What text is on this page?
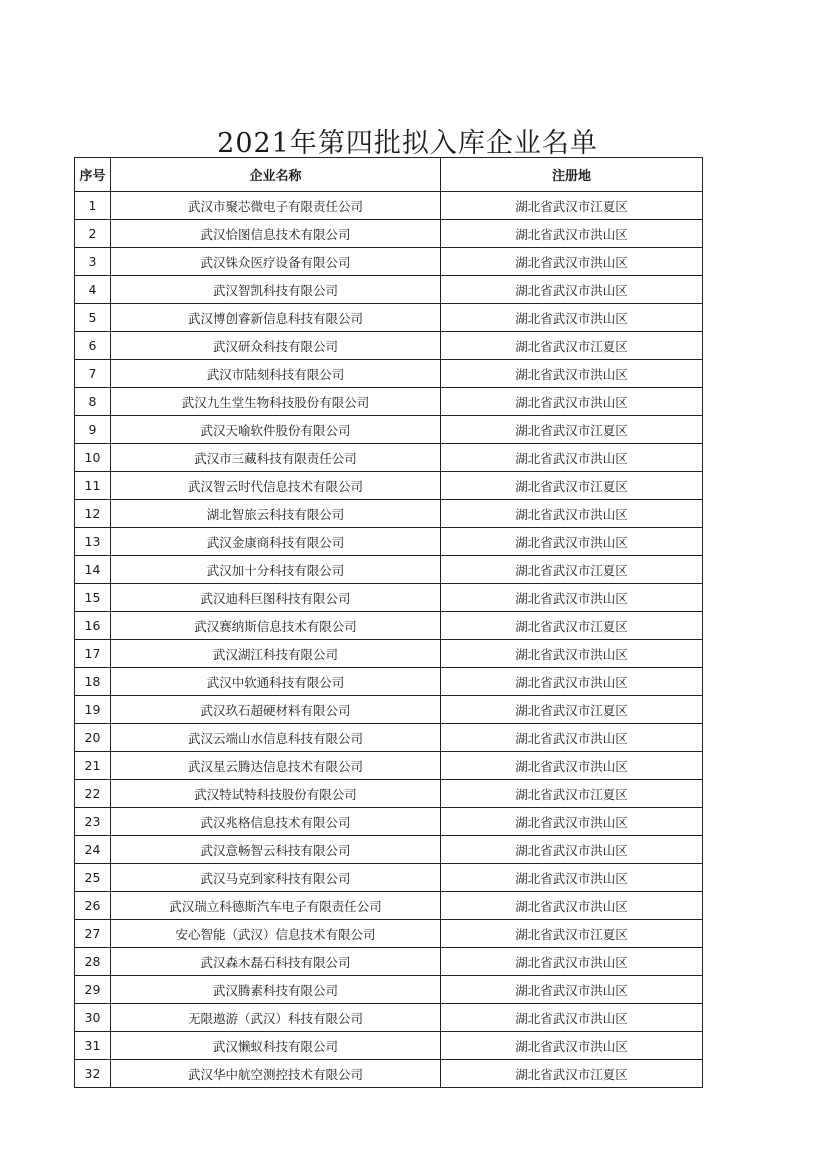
2021年第四批拟入库企业名单
序号	企业名称	注册地
1	武汉市聚芯微电子有限责任公司	湖北省武汉市江夏区
2	武汉恰图信息技术有限公司	湖北省武汉市洪山区
3	武汉铢众医疗设备有限公司	湖北省武汉市洪山区
4	武汉智凯科技有限公司	湖北省武汉市洪山区
5	武汉博创睿新信息科技有限公司	湖北省武汉市洪山区
6	武汉研众科技有限公司	湖北省武汉市江夏区
7	武汉市陆刻科技有限公司	湖北省武汉市洪山区
8	武汉九生堂生物科技股份有限公司	湖北省武汉市洪山区
9	武汉天喻软件股份有限公司	湖北省武汉市江夏区
10	武汉市三藏科技有限责任公司	湖北省武汉市洪山区
11	武汉智云时代信息技术有限公司	湖北省武汉市江夏区
12	湖北智旅云科技有限公司	湖北省武汉市洪山区
13	武汉金康商科技有限公司	湖北省武汉市洪山区
14	武汉加十分科技有限公司	湖北省武汉市江夏区
15	武汉迪科巨图科技有限公司	湖北省武汉市洪山区
16	武汉赛纳斯信息技术有限公司	湖北省武汉市江夏区
17	武汉湖江科技有限公司	湖北省武汉市洪山区
18	武汉中软通科技有限公司	湖北省武汉市洪山区
19	武汉玖石超硬材料有限公司	湖北省武汉市江夏区
20	武汉云端山水信息科技有限公司	湖北省武汉市洪山区
21	武汉星云腾达信息技术有限公司	湖北省武汉市洪山区
22	武汉特试特科技股份有限公司	湖北省武汉市江夏区
23	武汉兆格信息技术有限公司	湖北省武汉市洪山区
24	武汉意畅智云科技有限公司	湖北省武汉市洪山区
25	武汉马克到家科技有限公司	湖北省武汉市洪山区
26	武汉瑞立科德斯汽车电子有限责任公司	湖北省武汉市洪山区
27	安心智能（武汉）信息技术有限公司	湖北省武汉市江夏区
28	武汉森木磊石科技有限公司	湖北省武汉市洪山区
29	武汉腾素科技有限公司	湖北省武汉市洪山区
30	无限遨游（武汉）科技有限公司	湖北省武汉市洪山区
31	武汉懒蚁科技有限公司	湖北省武汉市洪山区
32	武汉华中航空测控技术有限公司	湖北省武汉市江夏区
